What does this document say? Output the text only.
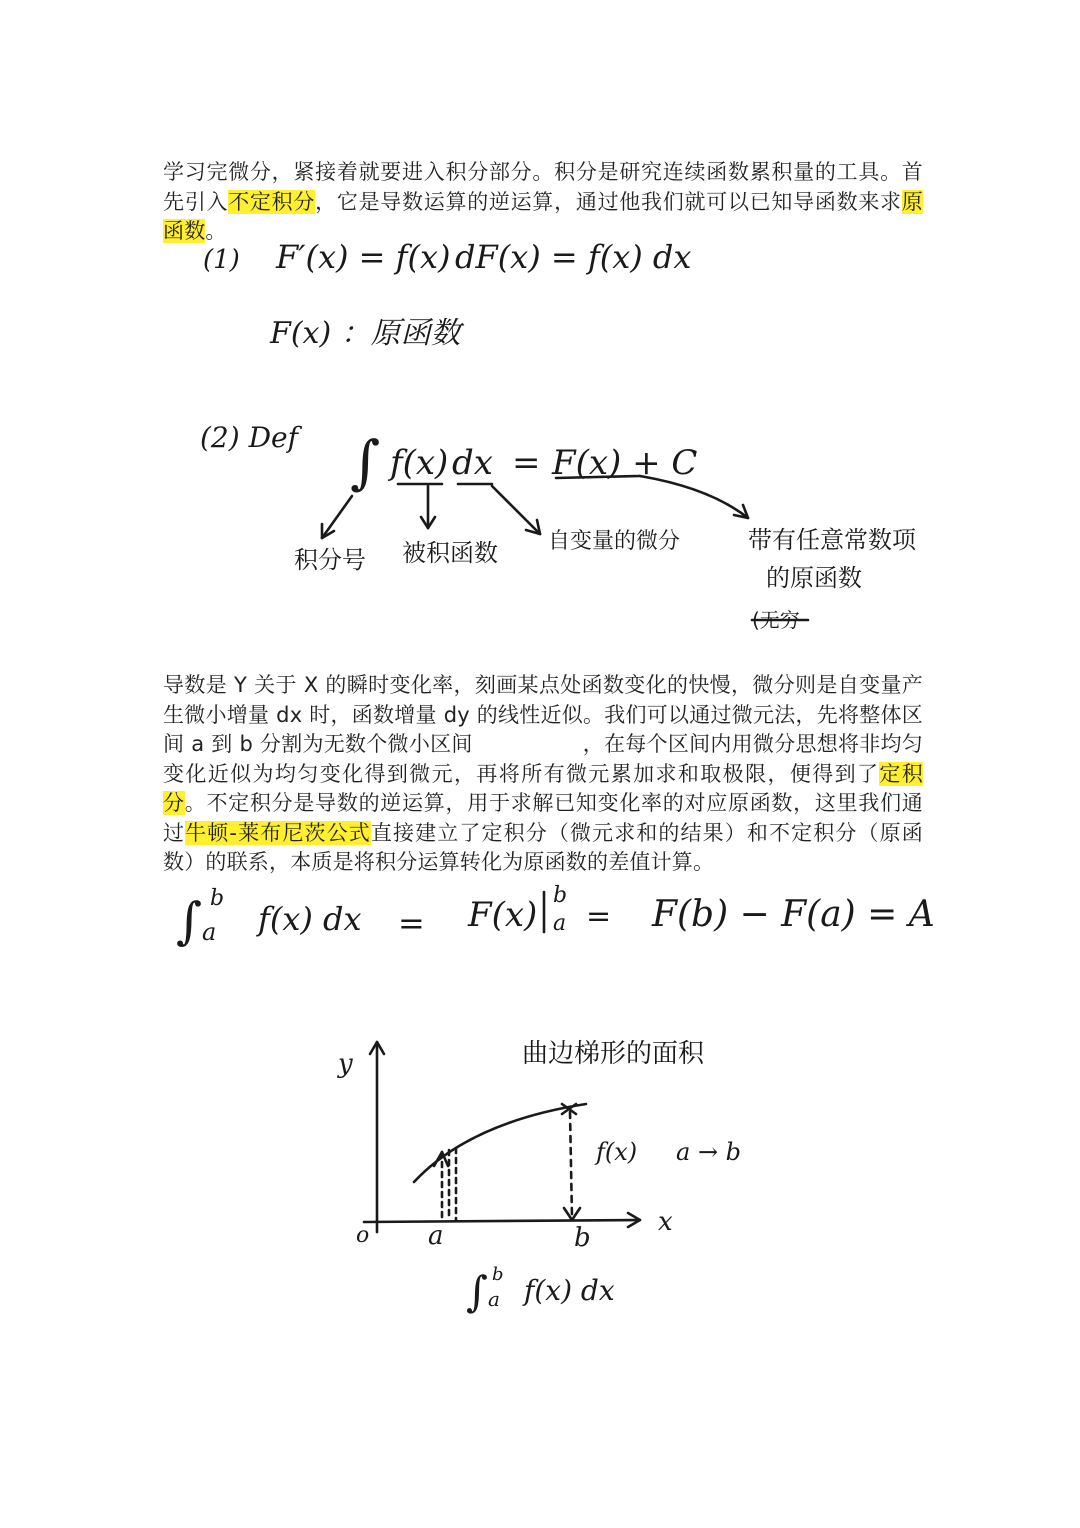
学习完微分，紧接着就要进入积分部分。积分是研究连续函数累积量的工具。首先引入不定积分，它是导数运算的逆运算，通过他我们就可以已知导函数来求原函数。

(1) F′(x) = f(x) dF(x) = f(x) dx
F(x) ：原函数
(2) Def ∫ f(x) dx = F(x) + C
积分号 被积函数 自变量的微分	带有任意常数项
的原函数
(无穷

导数是 Y 关于 X 的瞬时变化率，刻画某点处函数变化的快慢，微分则是自变量产生微小增量 dx 时，函数增量 dy 的线性近似。我们可以通过微元法，先将整体区间 a 到 b 分割为无数个微小区间	，在每个区间内用微分思想将非均匀变化近似为均匀变化得到微元，再将所有微元累加求和取极限，便得到了定积分。不定积分是导数的逆运算，用于求解已知变化率的对应原函数，这里我们通过牛顿-莱布尼茨公式直接建立了定积分（微元求和的结果）和不定积分（原函数）的联系，本质是将积分运算转化为原函数的差值计算。

∫ b
a f(x) dx = F(x) b
a = F(b) − F(a) = A
曲边梯形的面积
y
x
o a	b
f(x) a → b
∫ b
a f(x) dx
